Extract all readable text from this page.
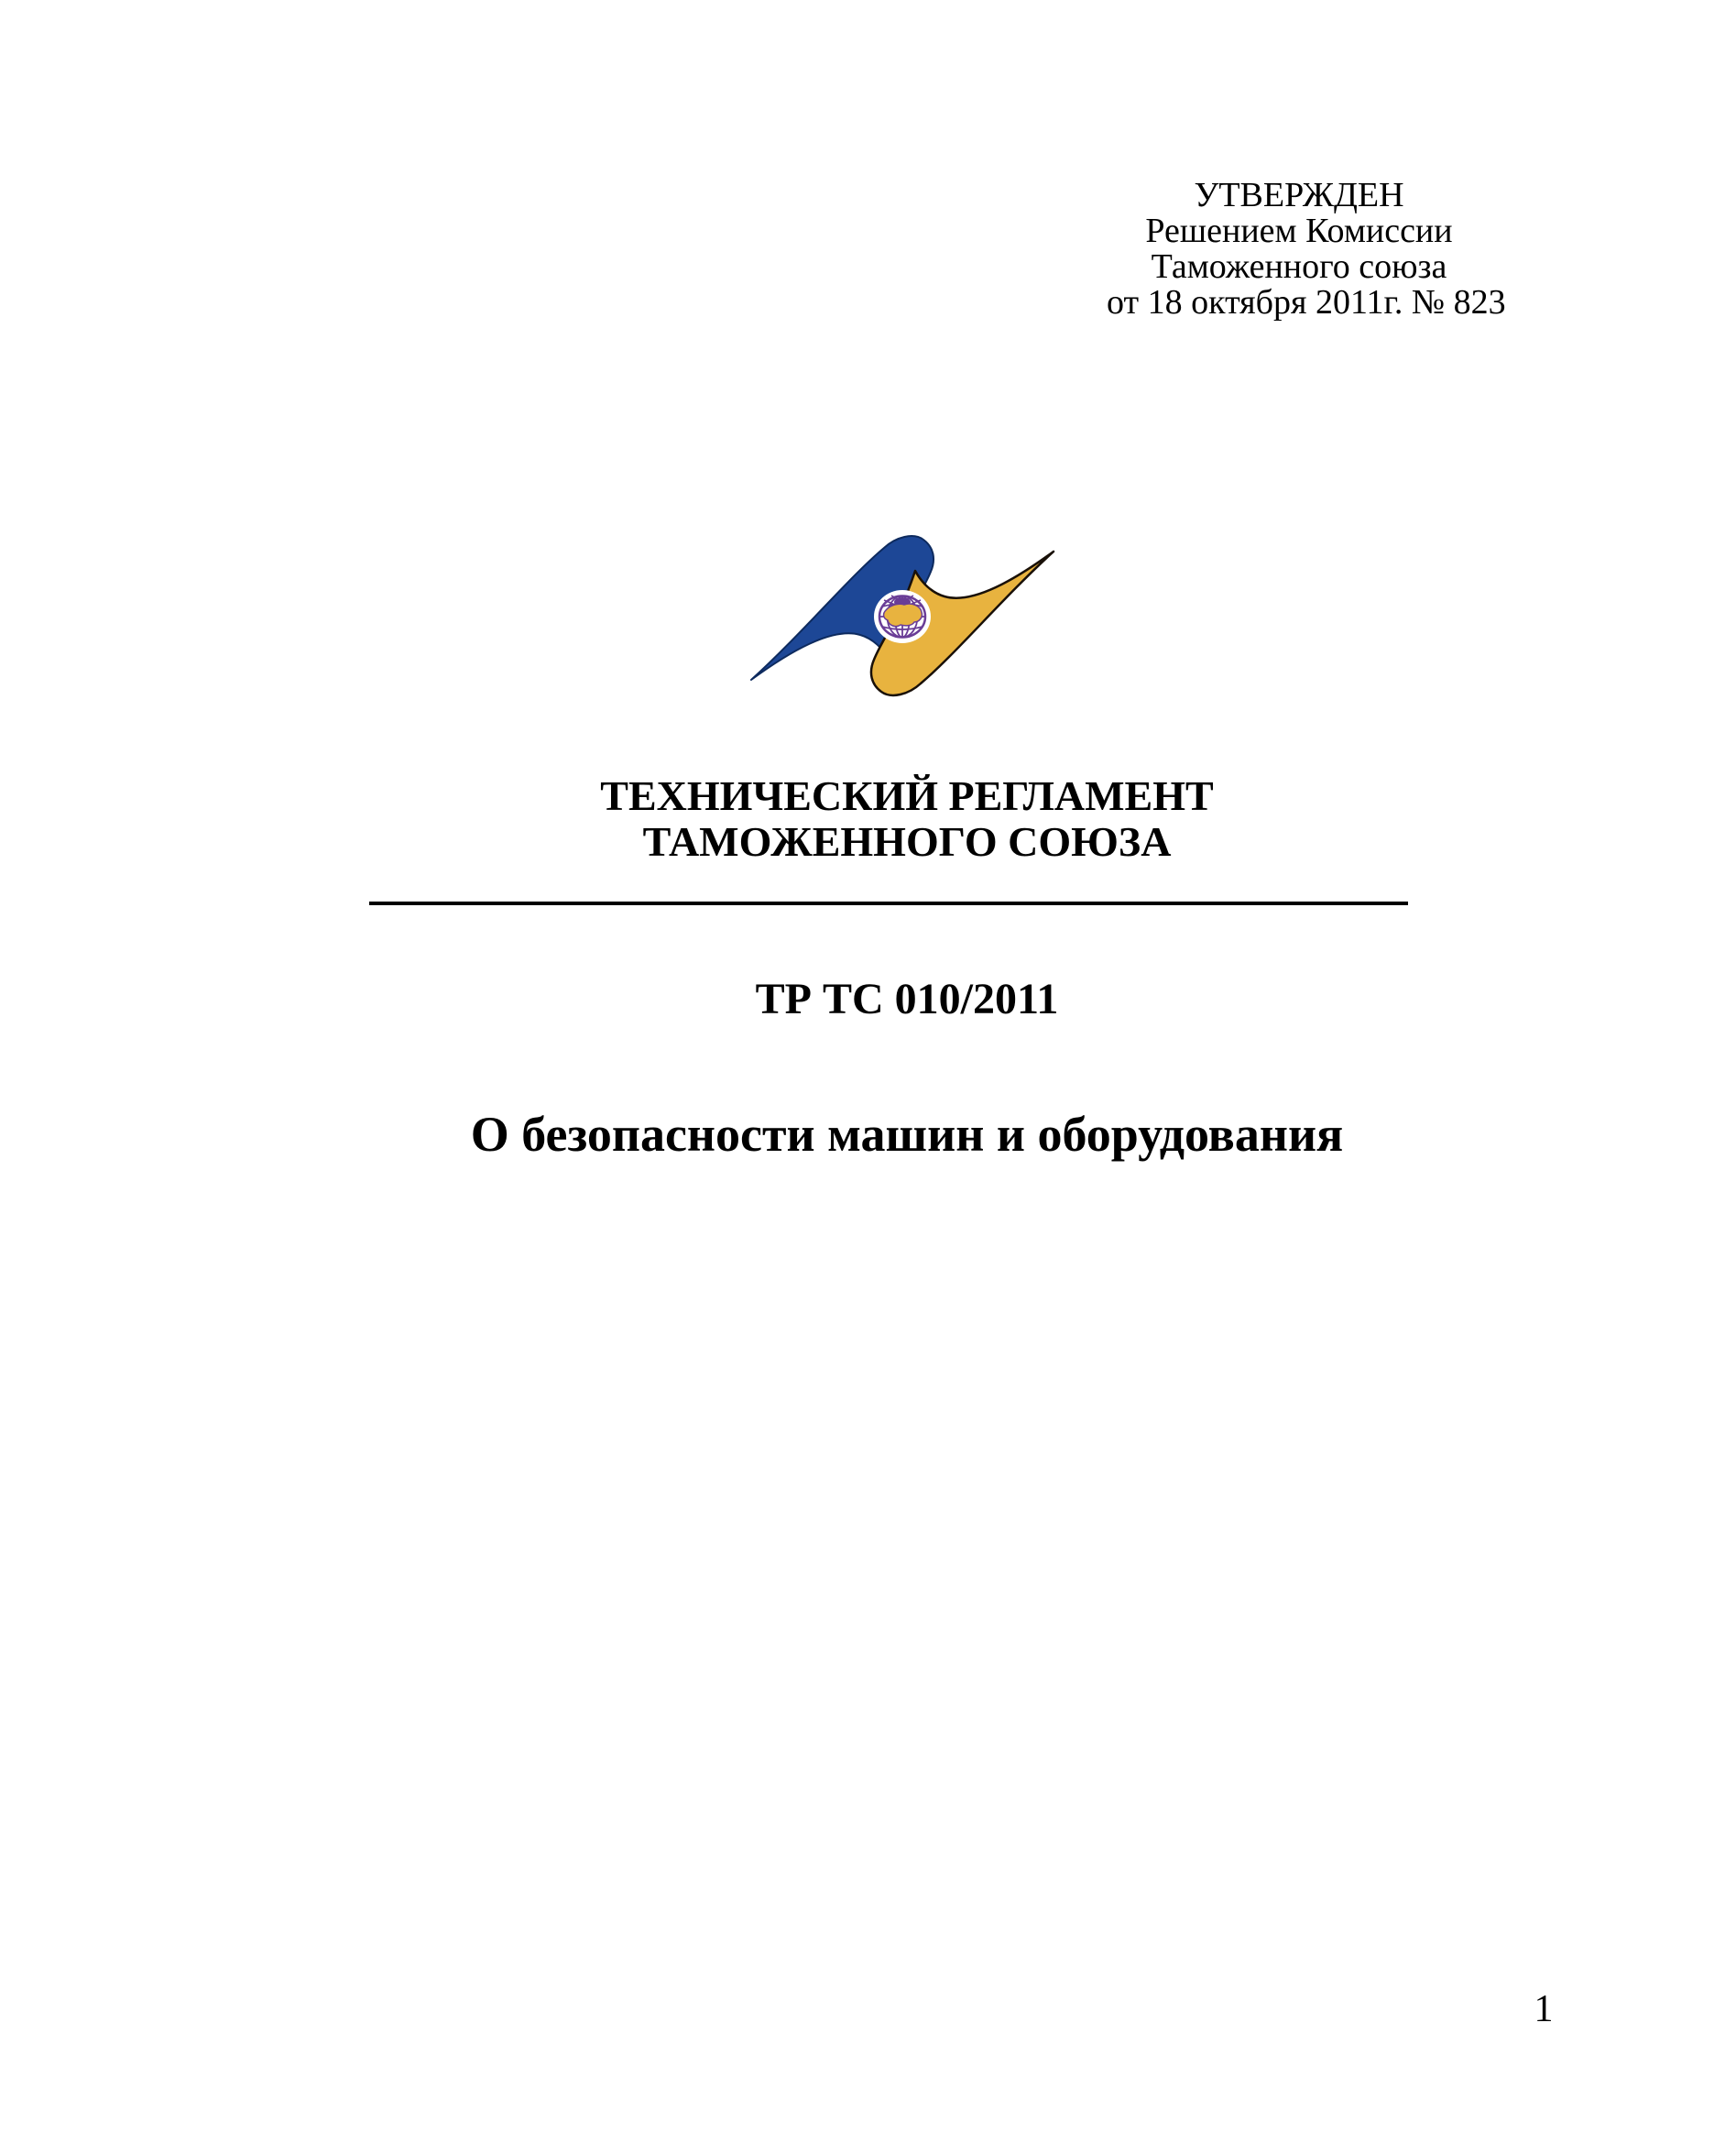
УТВЕРЖДЕН
Решением Комиссии
Таможенного союза
от 18 октября 2011г. № 823
ТЕХНИЧЕСКИЙ РЕГЛАМЕНТ
ТАМОЖЕННОГО СОЮЗА
ТР ТС 010/2011
О безопасности машин и оборудования
1
